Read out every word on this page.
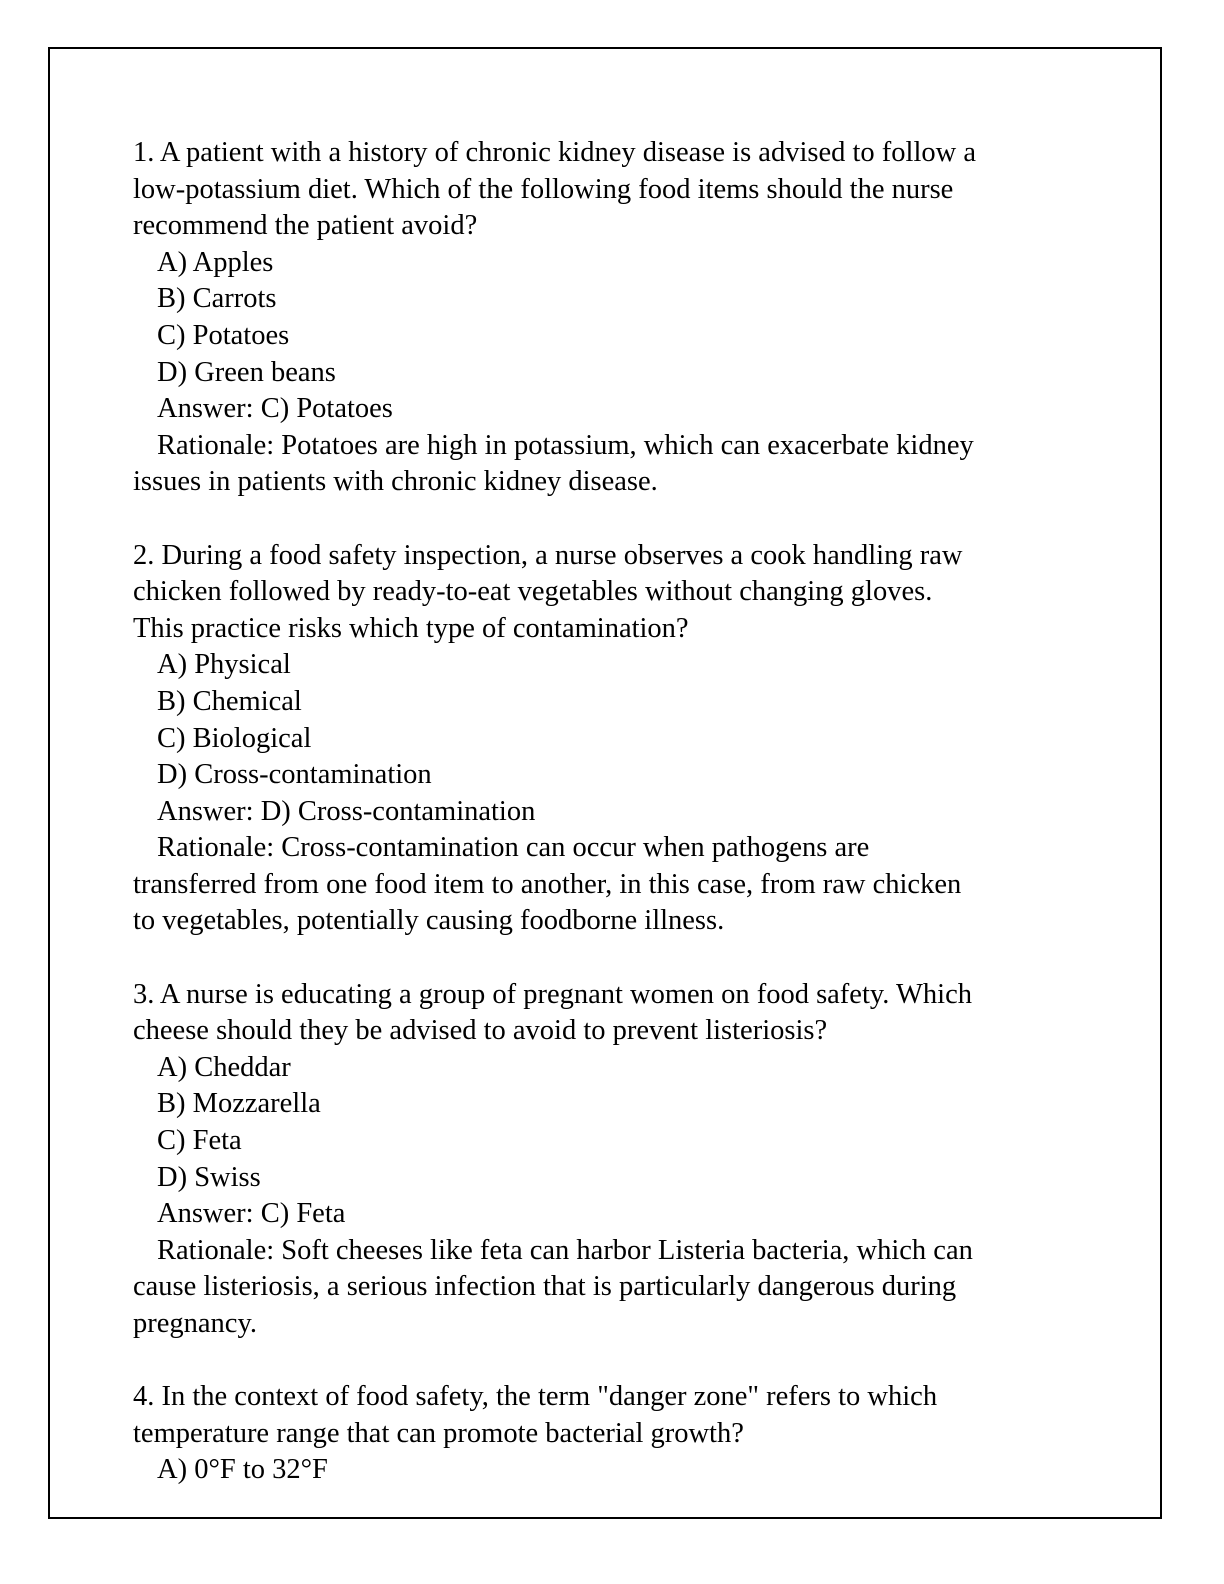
1. A patient with a history of chronic kidney disease is advised to follow a
low-potassium diet. Which of the following food items should the nurse
recommend the patient avoid?
A) Apples
B) Carrots
C) Potatoes
D) Green beans
Answer: C) Potatoes
Rationale: Potatoes are high in potassium, which can exacerbate kidney
issues in patients with chronic kidney disease.
2. During a food safety inspection, a nurse observes a cook handling raw
chicken followed by ready-to-eat vegetables without changing gloves.
This practice risks which type of contamination?
A) Physical
B) Chemical
C) Biological
D) Cross-contamination
Answer: D) Cross-contamination
Rationale: Cross-contamination can occur when pathogens are
transferred from one food item to another, in this case, from raw chicken
to vegetables, potentially causing foodborne illness.
3. A nurse is educating a group of pregnant women on food safety. Which
cheese should they be advised to avoid to prevent listeriosis?
A) Cheddar
B) Mozzarella
C) Feta
D) Swiss
Answer: C) Feta
Rationale: Soft cheeses like feta can harbor Listeria bacteria, which can
cause listeriosis, a serious infection that is particularly dangerous during
pregnancy.
4. In the context of food safety, the term "danger zone" refers to which
temperature range that can promote bacterial growth?
A) 0°F to 32°F
